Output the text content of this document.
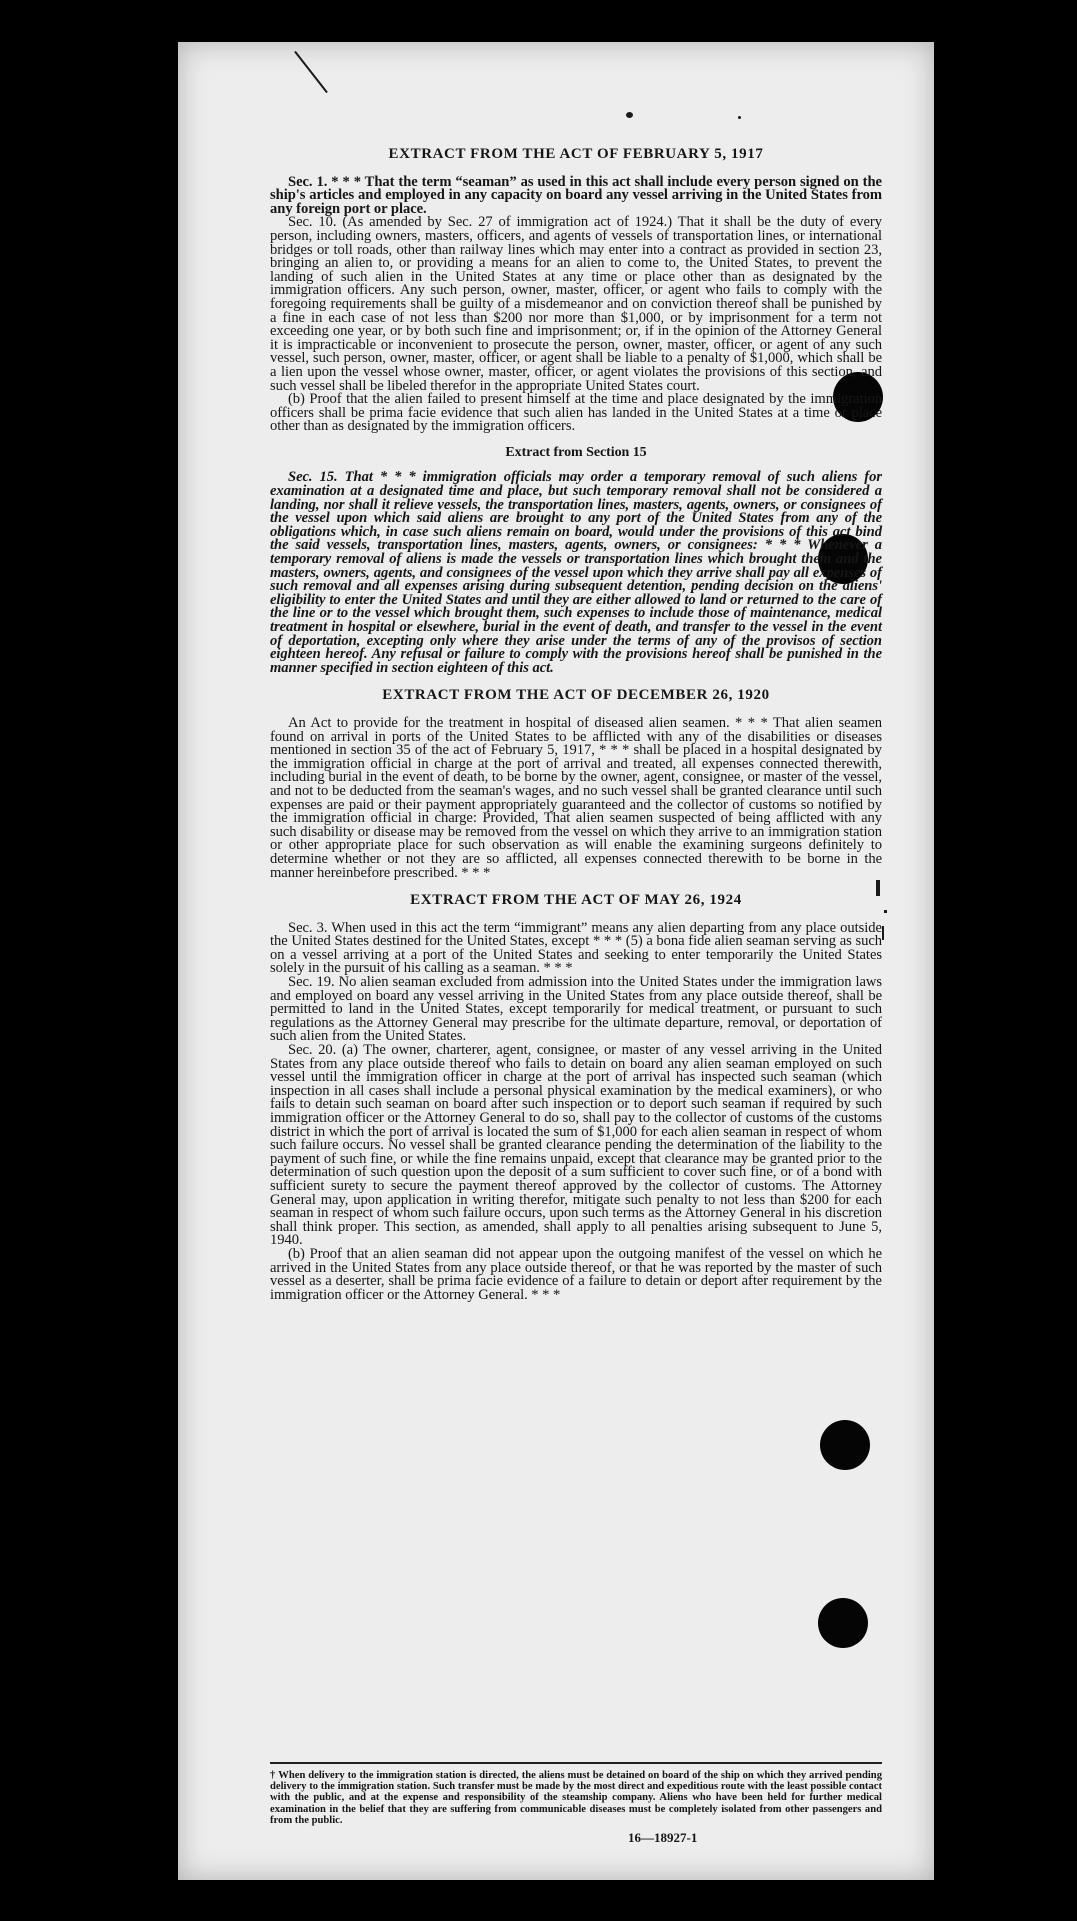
EXTRACT FROM THE ACT OF FEBRUARY 5, 1917

Sec. 1. * * * That the term “seaman” as used in this act shall include every person signed on the ship's articles and employed in any capacity on board any vessel arriving in the United States from any foreign port or place.

Sec. 10. (As amended by Sec. 27 of immigration act of 1924.) That it shall be the duty of every person, including owners, masters, officers, and agents of vessels of transportation lines, or international bridges or toll roads, other than railway lines which may enter into a contract as provided in section 23, bringing an alien to, or providing a means for an alien to come to, the United States, to prevent the landing of such alien in the United States at any time or place other than as designated by the immigration officers. Any such person, owner, master, officer, or agent who fails to comply with the foregoing requirements shall be guilty of a misdemeanor and on conviction thereof shall be punished by a fine in each case of not less than $200 nor more than $1,000, or by imprisonment for a term not exceeding one year, or by both such fine and imprisonment; or, if in the opinion of the Attorney General it is impracticable or inconvenient to prosecute the person, owner, master, officer, or agent of any such vessel, such person, owner, master, officer, or agent shall be liable to a penalty of $1,000, which shall be a lien upon the vessel whose owner, master, officer, or agent violates the provisions of this section, and such vessel shall be libeled therefor in the appropriate United States court.

(b) Proof that the alien failed to present himself at the time and place designated by the immigration officers shall be prima facie evidence that such alien has landed in the United States at a time or place other than as designated by the immigration officers.

Extract from Section 15

Sec. 15. That * * * immigration officials may order a temporary removal of such aliens for examination at a designated time and place, but such temporary removal shall not be considered a landing, nor shall it relieve vessels, the transportation lines, masters, agents, owners, or consignees of the vessel upon which said aliens are brought to any port of the United States from any of the obligations which, in case such aliens remain on board, would under the provisions of this act bind the said vessels, transportation lines, masters, agents, owners, or consignees: * * * Whenever a temporary removal of aliens is made the vessels or transportation lines which brought them and the masters, owners, agents, and consignees of the vessel upon which they arrive shall pay all expenses of such removal and all expenses arising during subsequent detention, pending decision on the aliens' eligibility to enter the United States and until they are either allowed to land or returned to the care of the line or to the vessel which brought them, such expenses to include those of maintenance, medical treatment in hospital or elsewhere, burial in the event of death, and transfer to the vessel in the event of deportation, excepting only where they arise under the terms of any of the provisos of section eighteen hereof. Any refusal or failure to comply with the provisions hereof shall be punished in the manner specified in section eighteen of this act.

EXTRACT FROM THE ACT OF DECEMBER 26, 1920

An Act to provide for the treatment in hospital of diseased alien seamen. * * * That alien seamen found on arrival in ports of the United States to be afflicted with any of the disabilities or diseases mentioned in section 35 of the act of February 5, 1917, * * * shall be placed in a hospital designated by the immigration official in charge at the port of arrival and treated, all expenses connected therewith, including burial in the event of death, to be borne by the owner, agent, consignee, or master of the vessel, and not to be deducted from the seaman's wages, and no such vessel shall be granted clearance until such expenses are paid or their payment appropriately guaranteed and the collector of customs so notified by the immigration official in charge: Provided, That alien seamen suspected of being afflicted with any such disability or disease may be removed from the vessel on which they arrive to an immigration station or other appropriate place for such observation as will enable the examining surgeons definitely to determine whether or not they are so afflicted, all expenses connected therewith to be borne in the manner hereinbefore prescribed. * * *

EXTRACT FROM THE ACT OF MAY 26, 1924

Sec. 3. When used in this act the term “immigrant” means any alien departing from any place outside the United States destined for the United States, except * * * (5) a bona fide alien seaman serving as such on a vessel arriving at a port of the United States and seeking to enter temporarily the United States solely in the pursuit of his calling as a seaman. * * *

Sec. 19. No alien seaman excluded from admission into the United States under the immigration laws and employed on board any vessel arriving in the United States from any place outside thereof, shall be permitted to land in the United States, except temporarily for medical treatment, or pursuant to such regulations as the Attorney General may prescribe for the ultimate departure, removal, or deportation of such alien from the United States.

Sec. 20. (a) The owner, charterer, agent, consignee, or master of any vessel arriving in the United States from any place outside thereof who fails to detain on board any alien seaman employed on such vessel until the immigration officer in charge at the port of arrival has inspected such seaman (which inspection in all cases shall include a personal physical examination by the medical examiners), or who fails to detain such seaman on board after such inspection or to deport such seaman if required by such immigration officer or the Attorney General to do so, shall pay to the collector of customs of the customs district in which the port of arrival is located the sum of $1,000 for each alien seaman in respect of whom such failure occurs. No vessel shall be granted clearance pending the determination of the liability to the payment of such fine, or while the fine remains unpaid, except that clearance may be granted prior to the determination of such question upon the deposit of a sum sufficient to cover such fine, or of a bond with sufficient surety to secure the payment thereof approved by the collector of customs. The Attorney General may, upon application in writing therefor, mitigate such penalty to not less than $200 for each seaman in respect of whom such failure occurs, upon such terms as the Attorney General in his discretion shall think proper. This section, as amended, shall apply to all penalties arising subsequent to June 5, 1940.

(b) Proof that an alien seaman did not appear upon the outgoing manifest of the vessel on which he arrived in the United States from any place outside thereof, or that he was reported by the master of such vessel as a deserter, shall be prima facie evidence of a failure to detain or deport after requirement by the immigration officer or the Attorney General. * * *

† When delivery to the immigration station is directed, the aliens must be detained on board of the ship on which they arrived pending delivery to the immigration station. Such transfer must be made by the most direct and expeditious route with the least possible contact with the public, and at the expense and responsibility of the steamship company. Aliens who have been held for further medical examination in the belief that they are suffering from communicable diseases must be completely isolated from other passengers and from the public.
16—18927-1
